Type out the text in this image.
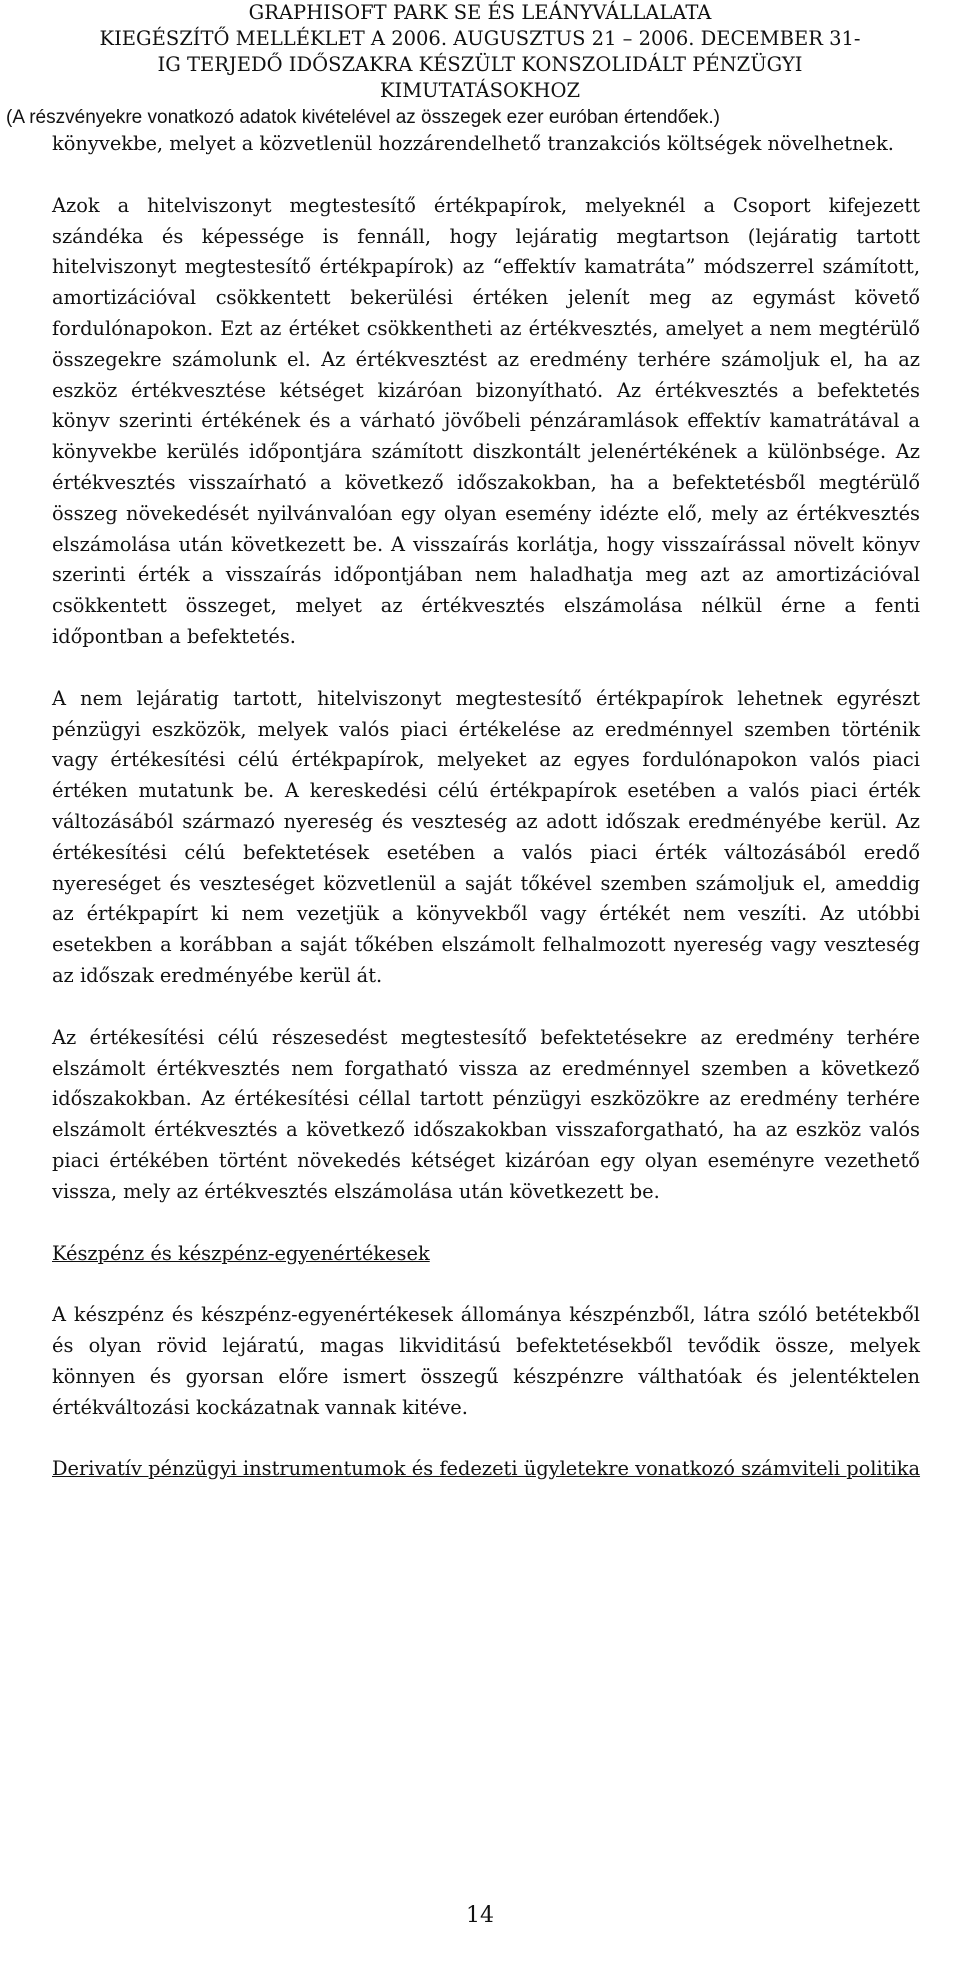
GRAPHISOFT PARK SE ÉS LEÁNYVÁLLALATA
KIEGÉSZÍTŐ MELLÉKLET A 2006. AUGUSZTUS 21 – 2006. DECEMBER 31-
IG TERJEDŐ IDŐSZAKRA KÉSZÜLT KONSZOLIDÁLT PÉNZÜGYI
KIMUTATÁSOKHOZ
(A részvényekre vonatkozó adatok kivételével az összegek ezer euróban értendőek.)

könyvekbe, melyet a közvetlenül hozzárendelhető tranzakciós költségek növelhetnek.

Azok a hitelviszonyt megtestesítő értékpapírok, melyeknél a Csoport kifejezett szándéka és képessége is fennáll, hogy lejáratig megtartson (lejáratig tartott hitelviszonyt megtestesítő értékpapírok) az “effektív kamatráta” módszerrel számított, amortizációval csökkentett bekerülési értéken jelenít meg az egymást követő fordulónapokon. Ezt az értéket csökkentheti az értékvesztés, amelyet a nem megtérülő összegekre számolunk el. Az értékvesztést az eredmény terhére számoljuk el, ha az eszköz értékvesztése kétséget kizáróan bizonyítható. Az értékvesztés a befektetés könyv szerinti értékének és a várható jövőbeli pénzáramlások effektív kamatrátával a könyvekbe kerülés időpontjára számított diszkontált jelenértékének a különbsége. Az értékvesztés visszaírható a következő időszakokban, ha a befektetésből megtérülő összeg növekedését nyilvánvalóan egy olyan esemény idézte elő, mely az értékvesztés elszámolása után következett be. A visszaírás korlátja, hogy visszaírással növelt könyv szerinti érték a visszaírás időpontjában nem haladhatja meg azt az amortizációval csökkentett összeget, melyet az értékvesztés elszámolása nélkül érne a fenti időpontban a befektetés.

A nem lejáratig tartott, hitelviszonyt megtestesítő értékpapírok lehetnek egyrészt pénzügyi eszközök, melyek valós piaci értékelése az eredménnyel szemben történik vagy értékesítési célú értékpapírok, melyeket az egyes fordulónapokon valós piaci értéken mutatunk be. A kereskedési célú értékpapírok esetében a valós piaci érték változásából származó nyereség és veszteség az adott időszak eredményébe kerül. Az értékesítési célú befektetések esetében a valós piaci érték változásából eredő nyereséget és veszteséget közvetlenül a saját tőkével szemben számoljuk el, ameddig az értékpapírt ki nem vezetjük a könyvekből vagy értékét nem veszíti. Az utóbbi esetekben a korábban a saját tőkében elszámolt felhalmozott nyereség vagy veszteség az időszak eredményébe kerül át.

Az értékesítési célú részesedést megtestesítő befektetésekre az eredmény terhére elszámolt értékvesztés nem forgatható vissza az eredménnyel szemben a következő időszakokban. Az értékesítési céllal tartott pénzügyi eszközökre az eredmény terhére elszámolt értékvesztés a következő időszakokban visszaforgatható, ha az eszköz valós piaci értékében történt növekedés kétséget kizáróan egy olyan eseményre vezethető vissza, mely az értékvesztés elszámolása után következett be.

Készpénz és készpénz-egyenértékesek

A készpénz és készpénz-egyenértékesek állománya készpénzből, látra szóló betétekből és olyan rövid lejáratú, magas likviditású befektetésekből tevődik össze, melyek könnyen és gyorsan előre ismert összegű készpénzre válthatóak és jelentéktelen értékváltozási kockázatnak vannak kitéve.

Derivatív pénzügyi instrumentumok és fedezeti ügyletekre vonatkozó számviteli politika

14
